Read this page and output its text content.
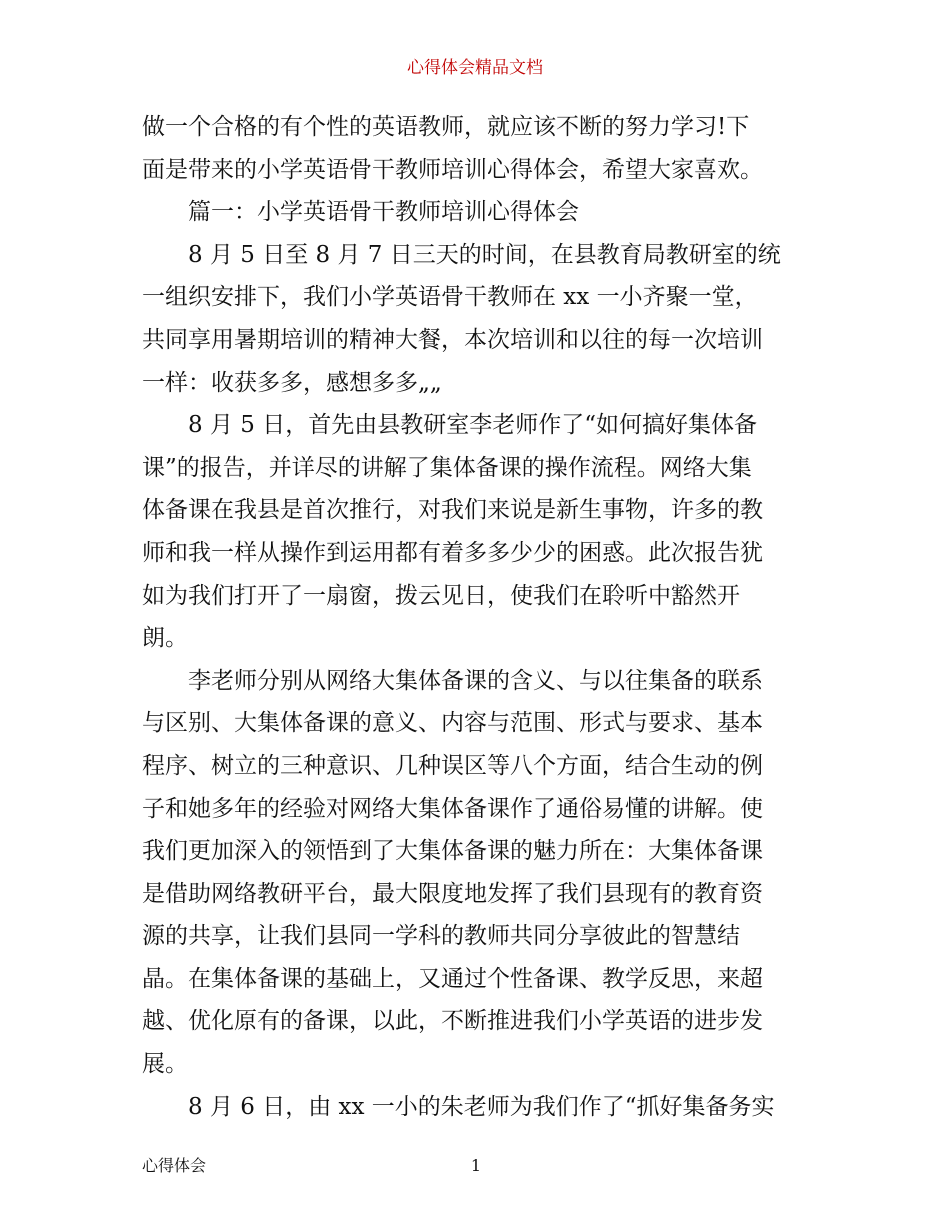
心得体会精品文档
做一个合格的有个性的英语教师，就应该不断的努力学习!下
面是带来的小学英语骨干教师培训心得体会，希望大家喜欢。
篇一：小学英语骨干教师培训心得体会
8 月 5 日至 8 月 7 日三天的时间，在县教育局教研室的统
一组织安排下，我们小学英语骨干教师在 xx 一小齐聚一堂，
共同享用暑期培训的精神大餐，本次培训和以往的每一次培训
一样：收获多多，感想多多„„
8 月 5 日，首先由县教研室李老师作了“如何搞好集体备
课”的报告，并详尽的讲解了集体备课的操作流程。网络大集
体备课在我县是首次推行，对我们来说是新生事物，许多的教
师和我一样从操作到运用都有着多多少少的困惑。此次报告犹
如为我们打开了一扇窗，拨云见日，使我们在聆听中豁然开
朗。
李老师分别从网络大集体备课的含义、与以往集备的联系
与区别、大集体备课的意义、内容与范围、形式与要求、基本
程序、树立的三种意识、几种误区等八个方面，结合生动的例
子和她多年的经验对网络大集体备课作了通俗易懂的讲解。使
我们更加深入的领悟到了大集体备课的魅力所在：大集体备课
是借助网络教研平台，最大限度地发挥了我们县现有的教育资
源的共享，让我们县同一学科的教师共同分享彼此的智慧结
晶。在集体备课的基础上，又通过个性备课、教学反思，来超
越、优化原有的备课，以此，不断推进我们小学英语的进步发
展。
8 月 6 日，由 xx 一小的朱老师为我们作了“抓好集备务实
心得体会	1
